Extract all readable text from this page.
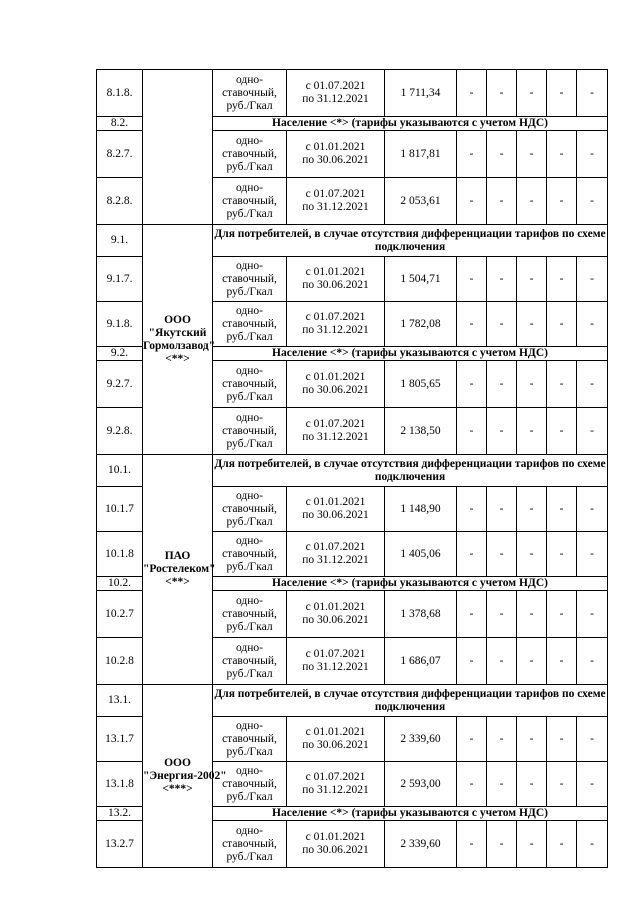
8.1.8.		одно-
ставочный,
руб./Гкал	с 01.07.2021
по 31.12.2021	1 711,34	-	-	-	-	-
8.2.		Население <*> (тарифы указываются с учетом НДС)							
8.2.7.		одно-
ставочный,
руб./Гкал	с 01.01.2021
по 30.06.2021	1 817,81	-	-	-	-	-
8.2.8.		одно-
ставочный,
руб./Гкал	с 01.07.2021
по 31.12.2021	2 053,61	-	-	-	-	-
9.1.	ООО "Якутский Гормолзавод" <**>	Для потребителей, в случае отсутствия дифференциации тарифов по схеме подключения							
9.1.7.		одно-
ставочный,
руб./Гкал	с 01.01.2021
по 30.06.2021	1 504,71	-	-	-	-	-
9.1.8.		одно-
ставочный,
руб./Гкал	с 01.07.2021
по 31.12.2021	1 782,08	-	-	-	-	-
9.2.		Население <*> (тарифы указываются с учетом НДС)							
9.2.7.		одно-
ставочный,
руб./Гкал	с 01.01.2021
по 30.06.2021	1 805,65	-	-	-	-	-
9.2.8.		одно-
ставочный,
руб./Гкал	с 01.07.2021
по 31.12.2021	2 138,50	-	-	-	-	-
10.1.	ПАО "Ростелеком" <**>	Для потребителей, в случае отсутствия дифференциации тарифов по схеме подключения							
10.1.7		одно-
ставочный,
руб./Гкал	с 01.01.2021
по 30.06.2021	1 148,90	-	-	-	-	-
10.1.8		одно-
ставочный,
руб./Гкал	с 01.07.2021
по 31.12.2021	1 405,06	-	-	-	-	-
10.2.		Население <*> (тарифы указываются с учетом НДС)							
10.2.7		одно-
ставочный,
руб./Гкал	с 01.01.2021
по 30.06.2021	1 378,68	-	-	-	-	-
10.2.8		одно-
ставочный,
руб./Гкал	с 01.07.2021
по 31.12.2021	1 686,07	-	-	-	-	-
13.1.	ООО "Энергия-2002" <***>	Для потребителей, в случае отсутствия дифференциации тарифов по схеме подключения							
13.1.7		одно-
ставочный,
руб./Гкал	с 01.01.2021
по 30.06.2021	2 339,60	-	-	-	-	-
13.1.8		одно-
ставочный,
руб./Гкал	с 01.07.2021
по 31.12.2021	2 593,00	-	-	-	-	-
13.2.		Население <*> (тарифы указываются с учетом НДС)							
13.2.7		одно-
ставочный,
руб./Гкал	с 01.01.2021
по 30.06.2021	2 339,60	-	-	-	-	-
